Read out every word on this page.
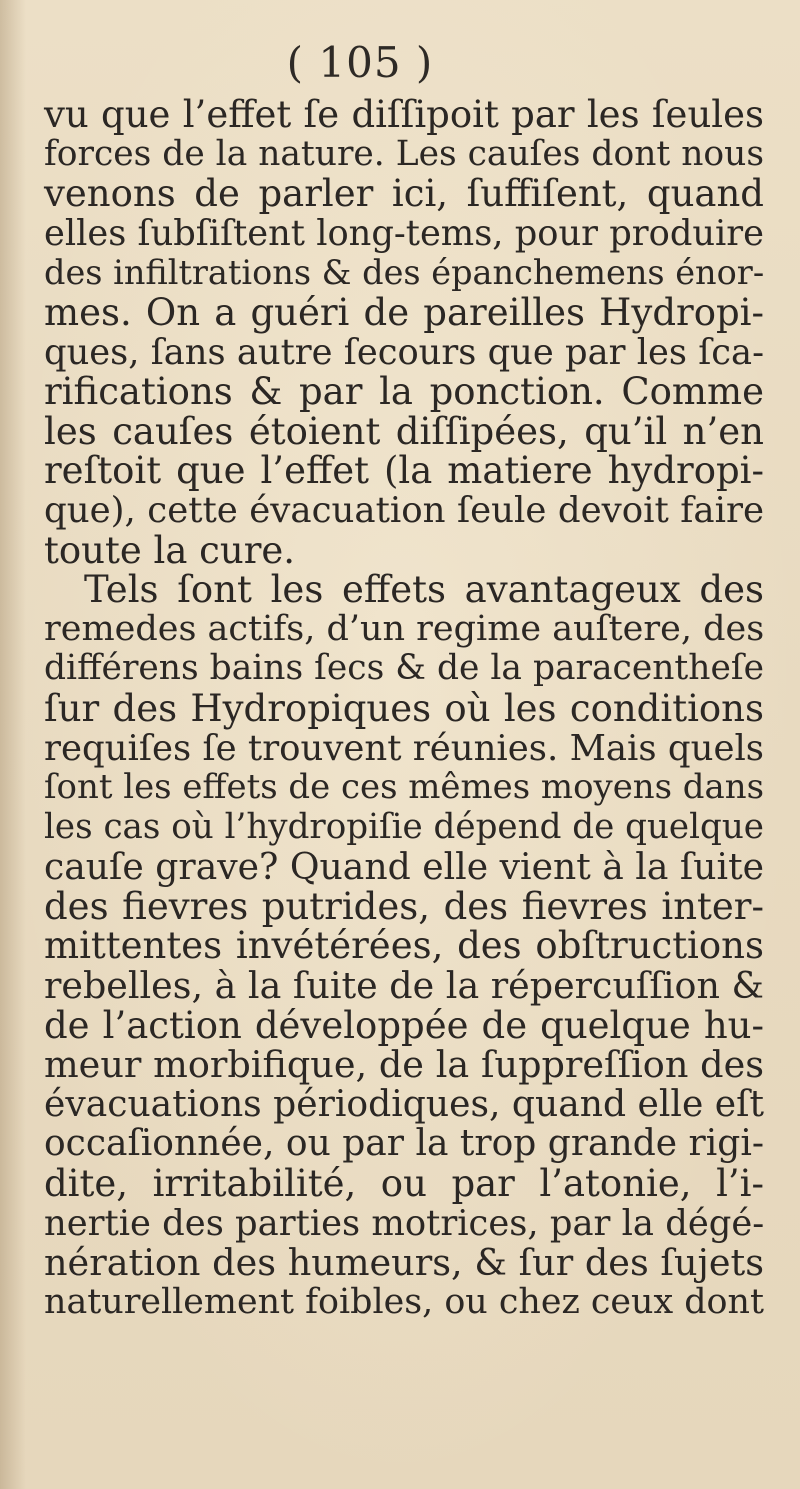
( 105 )
vu que l’effet ſe diſſipoit par les ſeules
forces de la nature. Les cauſes dont nous
venons de parler ici, ſuffiſent, quand
elles ſubſiſtent long-tems, pour produire
des infiltrations & des épanchemens énor-
mes. On a guéri de pareilles Hydropi-
ques, ſans autre ſecours que par les ſca-
rifications & par la ponction. Comme
les cauſes étoient diſſipées, qu’il n’en
reſtoit que l’effet (la matiere hydropi-
que), cette évacuation ſeule devoit faire
toute la cure.
Tels ſont les effets avantageux des
remedes actifs, d’un regime auſtere, des
différens bains ſecs & de la paracentheſe
ſur des Hydropiques où les conditions
requiſes ſe trouvent réunies. Mais quels
ſont les effets de ces mêmes moyens dans
les cas où l’hydropiſie dépend de quelque
cauſe grave? Quand elle vient à la ſuite
des fievres putrides, des fievres inter-
mittentes invétérées, des obſtructions
rebelles, à la ſuite de la répercuſſion &
de l’action développée de quelque hu-
meur morbifique, de la ſuppreſſion des
évacuations périodiques, quand elle eſt
occaſionnée, ou par la trop grande rigi-
dite, irritabilité, ou par l’atonie, l’i-
nertie des parties motrices, par la dégé-
nération des humeurs, & ſur des ſujets
naturellement foibles, ou chez ceux dont
